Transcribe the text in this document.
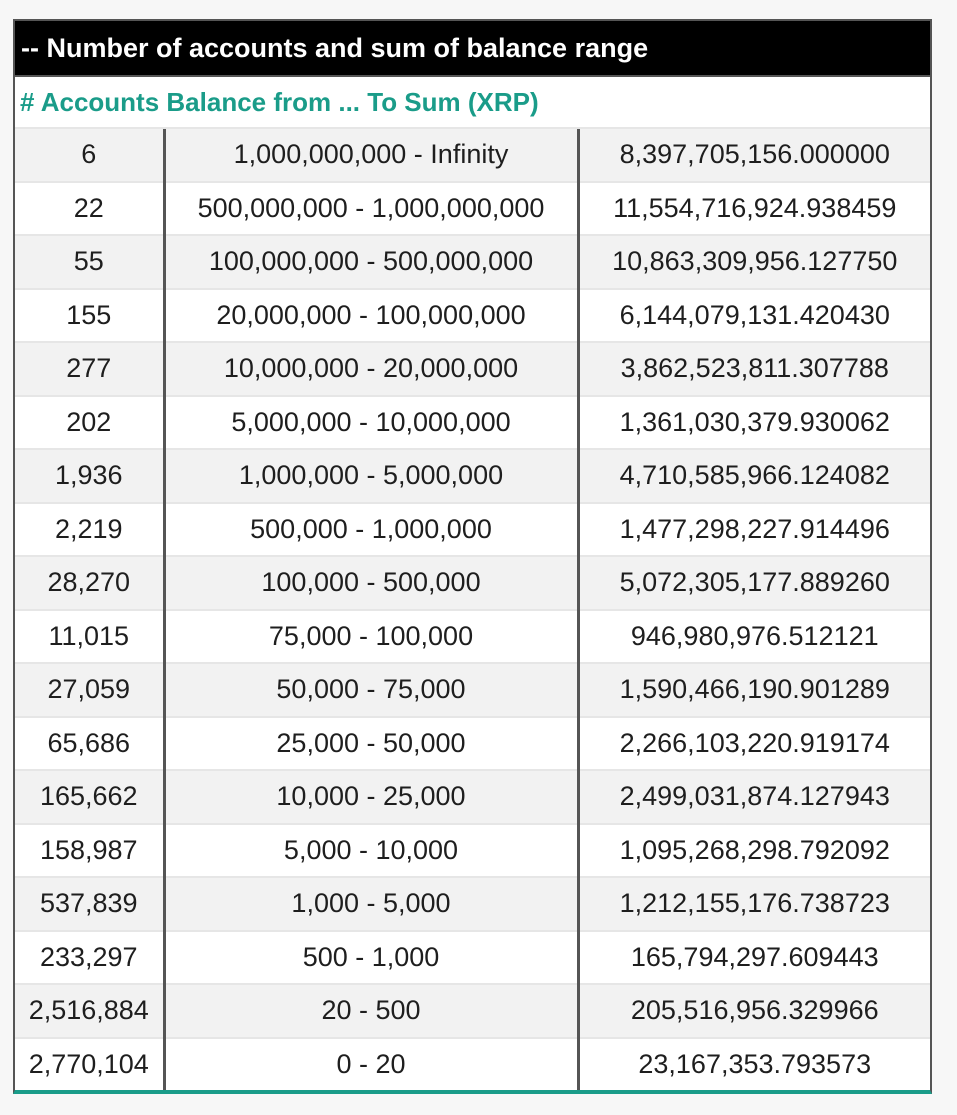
-- Number of accounts and sum of balance range
# Accounts Balance from ... To Sum (XRP)
6	1,000,000,000 - Infinity	8,397,705,156.000000
22	500,000,000 - 1,000,000,000	11,554,716,924.938459
55	100,000,000 - 500,000,000	10,863,309,956.127750
155	20,000,000 - 100,000,000	6,144,079,131.420430
277	10,000,000 - 20,000,000	3,862,523,811.307788
202	5,000,000 - 10,000,000	1,361,030,379.930062
1,936	1,000,000 - 5,000,000	4,710,585,966.124082
2,219	500,000 - 1,000,000	1,477,298,227.914496
28,270	100,000 - 500,000	5,072,305,177.889260
11,015	75,000 - 100,000	946,980,976.512121
27,059	50,000 - 75,000	1,590,466,190.901289
65,686	25,000 - 50,000	2,266,103,220.919174
165,662	10,000 - 25,000	2,499,031,874.127943
158,987	5,000 - 10,000	1,095,268,298.792092
537,839	1,000 - 5,000	1,212,155,176.738723
233,297	500 - 1,000	165,794,297.609443
2,516,884	20 - 500	205,516,956.329966
2,770,104	0 - 20	23,167,353.793573
